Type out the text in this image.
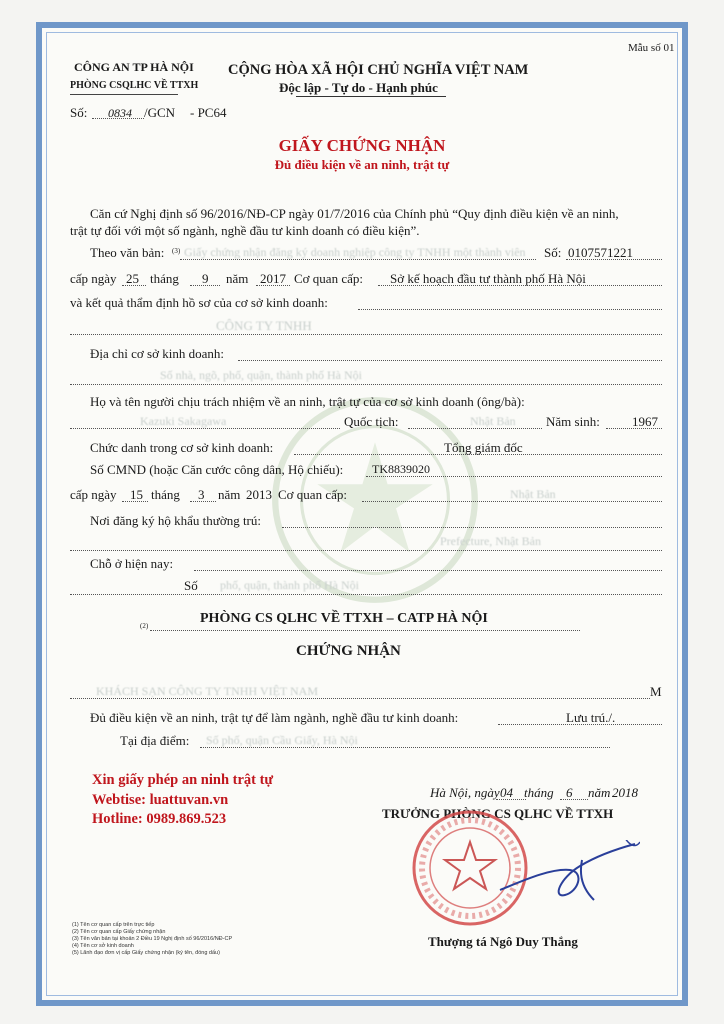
Mẫu số 01
CÔNG AN TP HÀ NỘI
PHÒNG CSQLHC VỀ TTXH
Số: 0834 /GCN - PC64
CỘNG HÒA XÃ HỘI CHỦ NGHĨA VIỆT NAM
Độc lập - Tự do - Hạnh phúc
GIẤY CHỨNG NHẬN
Đủ điều kiện về an ninh, trật tự
Căn cứ Nghị định số 96/2016/NĐ-CP ngày 01/7/2016 của Chính phủ “Quy định điều kiện về an ninh,
trật tự đối với một số ngành, nghề đầu tư kinh doanh có điều kiện”.
Theo văn bản: (3) Giấy chứng nhận đăng ký doanh nghiệp công ty TNHH một thành viên Số: 0107571221
cấp ngày 25 tháng 9 năm 2017 Cơ quan cấp: Sở kế hoạch đầu tư thành phố Hà Nội
và kết quả thẩm định hồ sơ của cơ sở kinh doanh:
CÔNG TY TNHH
Địa chỉ cơ sở kinh doanh:
Số nhà, ngõ, phố, quận, thành phố Hà Nội
Họ và tên người chịu trách nhiệm về an ninh, trật tự của cơ sở kinh doanh (ông/bà):
Kazuki Sakagawa	Quốc tịch:	Nhật Bản Năm sinh: 1967
Chức danh trong cơ sở kinh doanh:	Tổng giám đốc
Số CMND (hoặc Căn cước công dân, Hộ chiếu): TK8839020
cấp ngày 15 tháng 3 năm 2013 Cơ quan cấp:	Nhật Bản
Nơi đăng ký hộ khẩu thường trú:
Prefecture, Nhật Bản
Chỗ ở hiện nay:
Số phố, quận, thành phố Hà Nội
(2)	PHÒNG CS QLHC VỀ TTXH – CATP HÀ NỘI
CHỨNG NHẬN
KHÁCH SẠN CÔNG TY TNHH VIỆT NAM	M
Đủ điều kiện về an ninh, trật tự để làm ngành, nghề đầu tư kinh doanh:	Lưu trú./.
Tại địa điểm: Số phố, quận Cầu Giấy, Hà Nội
Xin giấy phép an ninh trật tự
Webtise: luattuvan.vn
Hotline: 0989.869.523
Hà Nội, ngày 04 tháng 6 năm 2018
TRƯỞNG PHÒNG CS QLHC VỀ TTXH
Thượng tá Ngô Duy Thắng
(1) Tên cơ quan cấp trên trực tiếp
(2) Tên cơ quan cấp Giấy chứng nhận
(3) Tên văn bản tại khoản 2 Điều 19 Nghị định số 96/2016/NĐ-CP
(4) Tên cơ sở kinh doanh
(5) Lãnh đạo đơn vị cấp Giấy chứng nhận (ký tên, đóng dấu)
